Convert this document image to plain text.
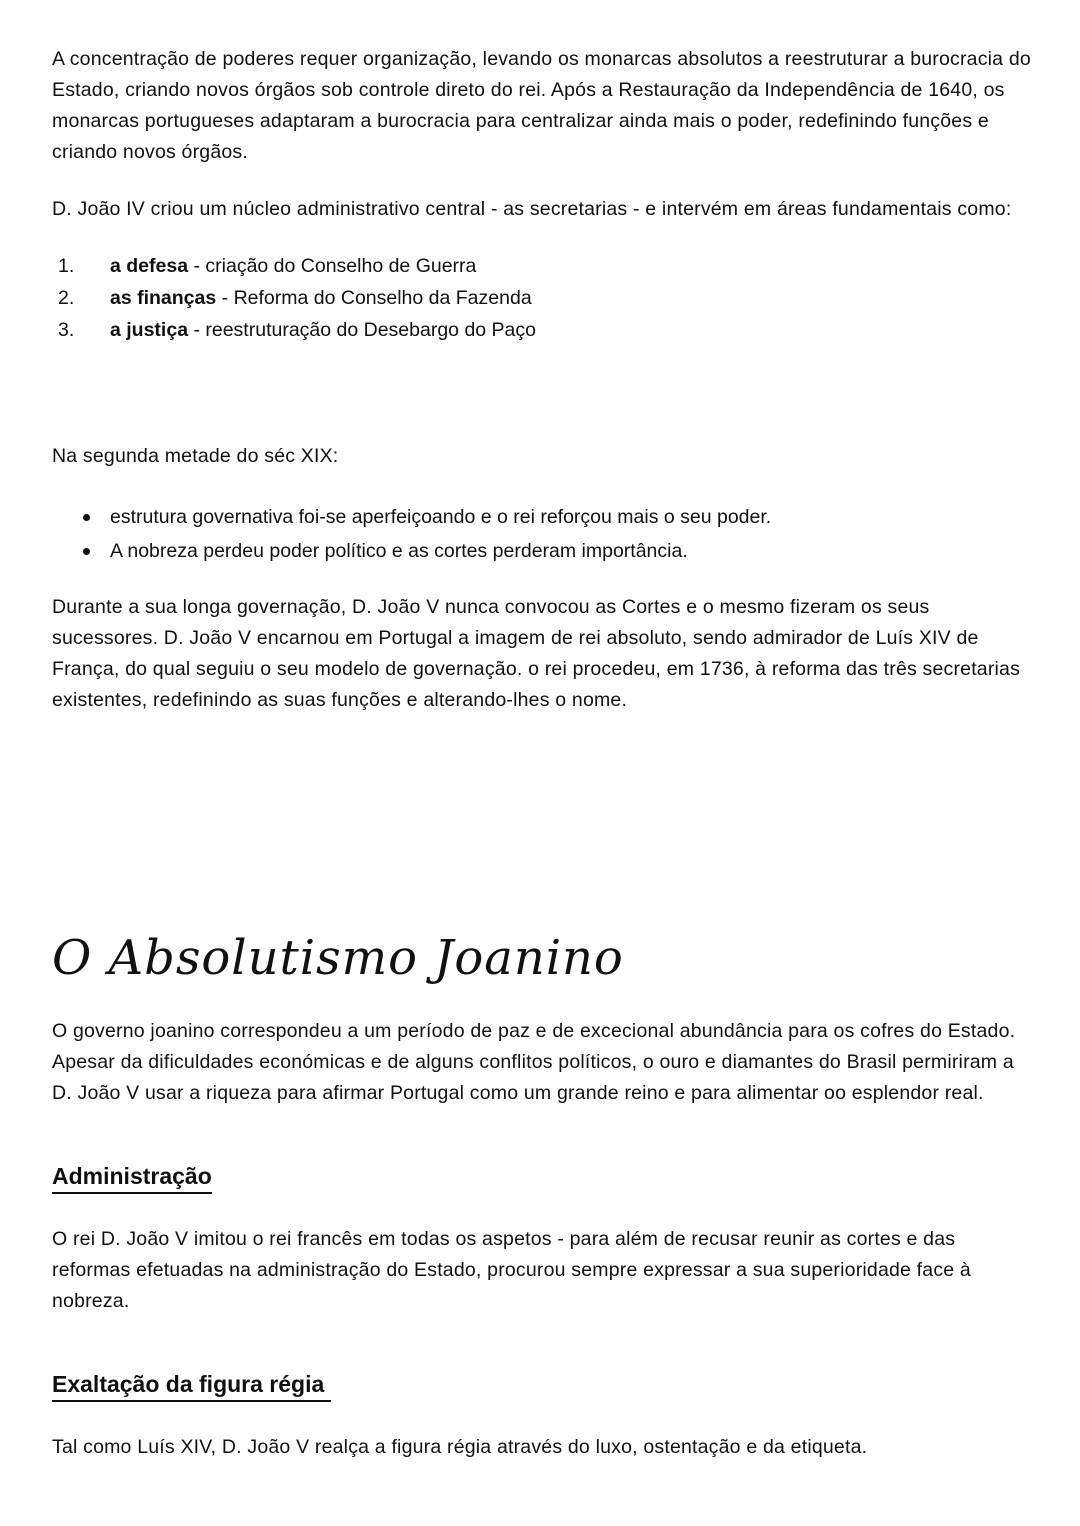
A concentração de poderes requer organização, levando os monarcas absolutos a reestruturar a burocracia do Estado, criando novos órgãos sob controle direto do rei. Após a Restauração da Independência de 1640, os monarcas portugueses adaptaram a burocracia para centralizar ainda mais o poder, redefinindo funções e criando novos órgãos.

D. João IV criou um núcleo administrativo central - as secretarias - e intervém em áreas fundamentais como:

a defesa - criação do Conselho de Guerra
as finanças - Reforma do Conselho da Fazenda
a justiça - reestruturação do Desebargo do Paço

Na segunda metade do séc XIX:

estrutura governativa foi-se aperfeiçoando e o rei reforçou mais o seu poder.
A nobreza perdeu poder político e as cortes perderam importância.

Durante a sua longa governação, D. João V nunca convocou as Cortes e o mesmo fizeram os seus sucessores. D. João V encarnou em Portugal a imagem de rei absoluto, sendo admirador de Luís XIV de França, do qual seguiu o seu modelo de governação. o rei procedeu, em 1736, à reforma das três secretarias existentes, redefinindo as suas funções e alterando-lhes o nome.

O Absolutismo Joanino

O governo joanino correspondeu a um período de paz e de excecional abundância para os cofres do Estado. Apesar da dificuldades económicas e de alguns conflitos políticos, o ouro e diamantes do Brasil permiriram a D. João V usar a riqueza para afirmar Portugal como um grande reino e para alimentar oo esplendor real.

Administração

O rei D. João V imitou o rei francês em todas os aspetos - para além de recusar reunir as cortes e das reformas efetuadas na administração do Estado, procurou sempre expressar a sua superioridade face à nobreza.

Exaltação da figura régia

Tal como Luís XIV, D. João V realça a figura régia através do luxo, ostentação e da etiqueta.
